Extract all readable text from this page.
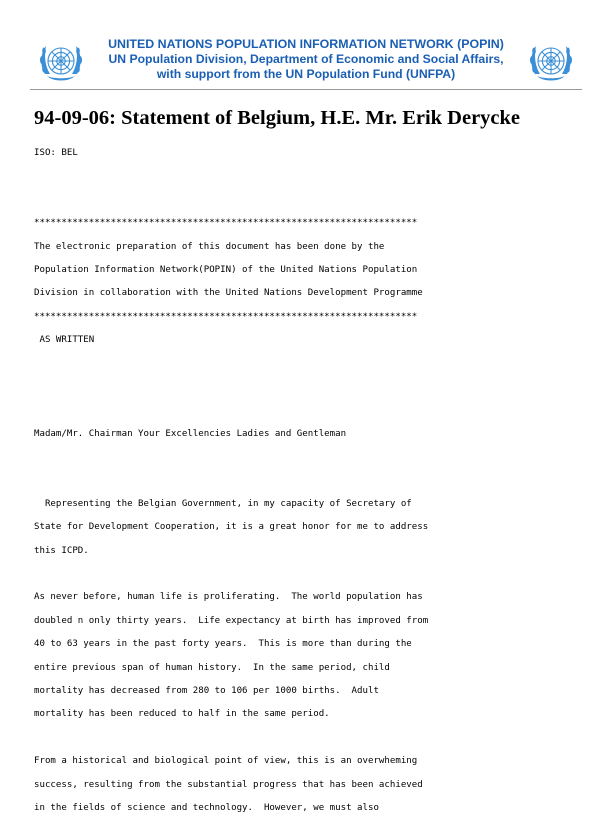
UNITED NATIONS POPULATION INFORMATION NETWORK (POPIN)
UN Population Division, Department of Economic and Social Affairs,
with support from the UN Population Fund (UNFPA)
94-09-06: Statement of Belgium, H.E. Mr. Erik Derycke
ISO: BEL
**********************************************************************
The electronic preparation of this document has been done by the
Population Information Network(POPIN) of the United Nations Population
Division in collaboration with the United Nations Development Programme
**********************************************************************
AS WRITTEN
Madam/Mr. Chairman Your Excellencies Ladies and Gentleman
Representing the Belgian Government, in my capacity of Secretary of
State for Development Cooperation, it is a great honor for me to address
this ICPD.
As never before, human life is proliferating.  The world population has
doubled n only thirty years.  Life expectancy at birth has improved from
40 to 63 years in the past forty years.  This is more than during the
entire previous span of human history.  In the same period, child
mortality has decreased from 280 to 106 per 1000 births.  Adult
mortality has been reduced to half in the same period.
From a historical and biological point of view, this is an overwheming
success, resulting from the substantial progress that has been achieved
in the fields of science and technology.  However, we must also
